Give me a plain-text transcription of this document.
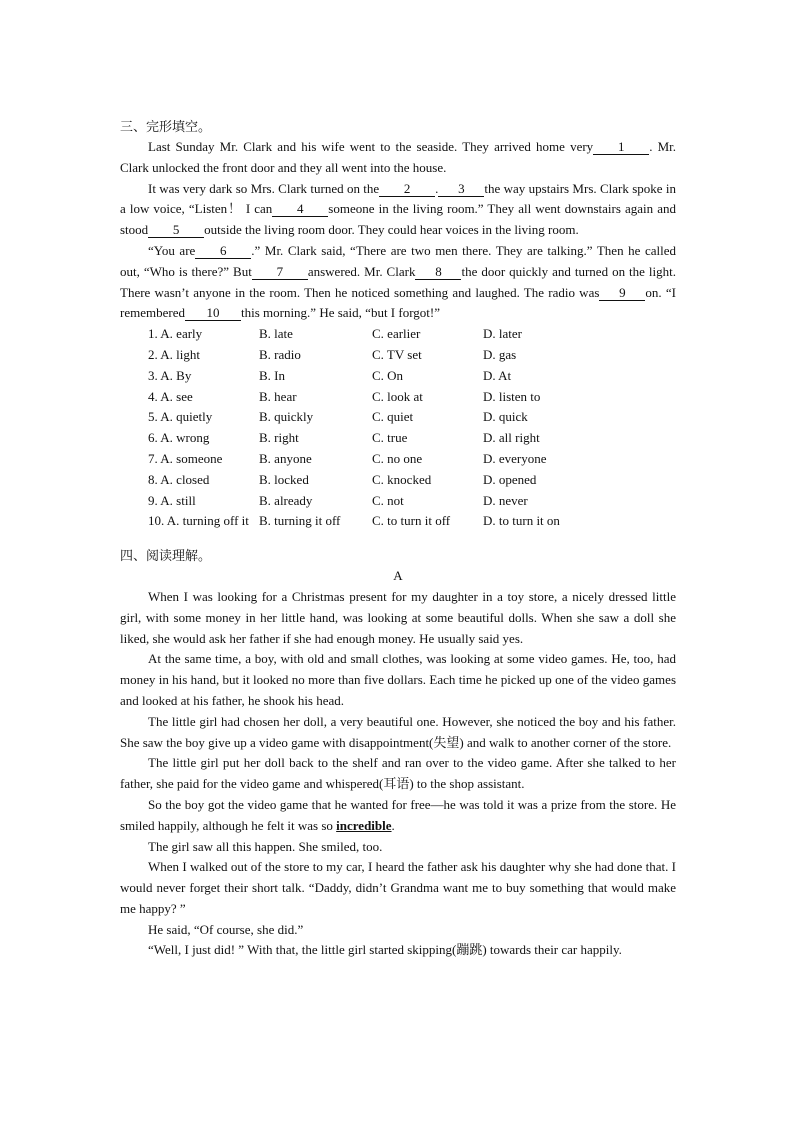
三、完形填空。

Last Sunday Mr. Clark and his wife went to the seaside. They arrived home very 1 . Mr. Clark unlocked the front door and they all went into the house.

It was very dark so Mrs. Clark turned on the 2 . 3 the way upstairs Mrs. Clark spoke in a low voice, “Listen！ I can 4 someone in the living room.” They all went downstairs again and stood 5 outside the living room door. They could hear voices in the living room.

“You are 6 .” Mr. Clark said, “There are two men there. They are talking.” Then he called out, “Who is there?” But 7 answered. Mr. Clark 8 the door quickly and turned on the light. There wasn’t anyone in the room. Then he noticed something and laughed. The radio was 9 on. “I remembered 10 this morning.” He said, “but I forgot!”

1. A. early	B. late	C. earlier	D. later
2. A. light	B. radio	C. TV set	D. gas
3. A. By	B. In	C. On	D. At
4. A. see	B. hear	C. look at	D. listen to
5. A. quietly	B. quickly	C. quiet	D. quick
6. A. wrong	B. right	C. true	D. all right
7. A. someone	B. anyone	C. no one	D. everyone
8. A. closed	B. locked	C. knocked	D. opened
9. A. still	B. already	C. not	D. never
10. A. turning off it B. turning it off	C. to turn it off	D. to turn it on
四、阅读理解。
A

When I was looking for a Christmas present for my daughter in a toy store, a nicely dressed little girl, with some money in her little hand, was looking at some beautiful dolls. When she saw a doll she liked, she would ask her father if she had enough money. He usually said yes.

At the same time, a boy, with old and small clothes, was looking at some video games. He, too, had money in his hand, but it looked no more than five dollars. Each time he picked up one of the video games and looked at his father, he shook his head.

The little girl had chosen her doll, a very beautiful one. However, she noticed the boy and his father. She saw the boy give up a video game with disappointment(失望) and walk to another corner of the store.

The little girl put her doll back to the shelf and ran over to the video game. After she talked to her father, she paid for the video game and whispered(耳语) to the shop assistant.

So the boy got the video game that he wanted for free—he was told it was a prize from the store. He smiled happily, although he felt it was so incredible.

The girl saw all this happen. She smiled, too.

When I walked out of the store to my car, I heard the father ask his daughter why she had done that. I would never forget their short talk. “Daddy, didn’t Grandma want me to buy something that would make me happy? ”

He said, “Of course, she did.”

“Well, I just did! ” With that, the little girl started skipping(蹦跳) towards their car happily.
